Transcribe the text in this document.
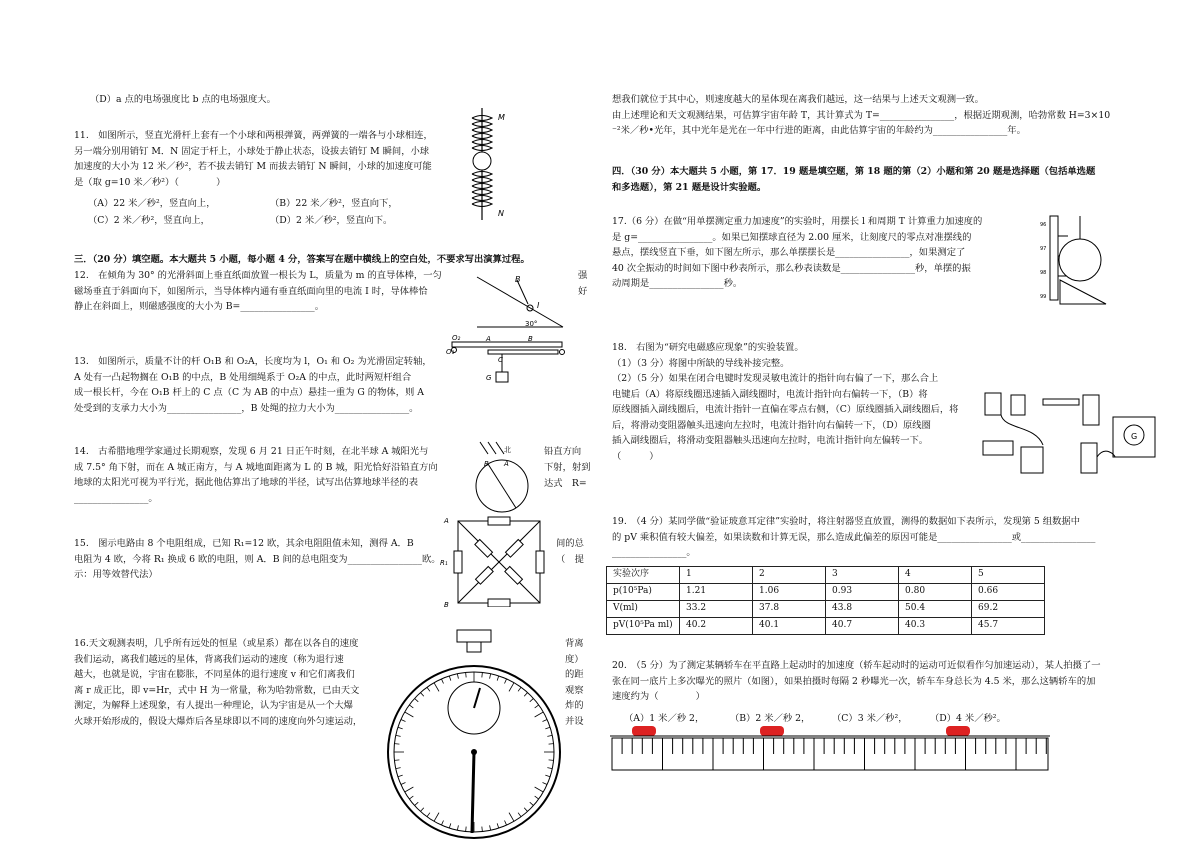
（D）a 点的电场强度比 b 点的电场强度大。
11.　如图所示，竖直光滑杆上套有一个小球和两根弹簧，两弹簧的一端各与小球相连，
另一端分别用销钉 M．N 固定于杆上，小球处于静止状态，设拔去销钉 M 瞬间，小球
加速度的大小为 12 米／秒²，若不拔去销钉 M 而拔去销钉 N 瞬间，小球的加速度可能
是（取 g=10 米／秒²）（　　　　）
（A）22 米／秒²，竖直向上，	（B）22 米／秒²，竖直向下，
（C）2 米／秒²，竖直向上，	（D）2 米／秒²，竖直向下。
M
N
三．（20 分）填空题。本大题共 5 小题，每小题 4 分，答案写在题中横线上的空白处，不要求写出演算过程。
12.　在倾角为 30° 的光滑斜面上垂直纸面放置一根长为 L，质量为 m 的直导体棒，一匀
磁场垂直于斜面向下，如图所示，当导体棒内通有垂直纸面向里的电流 I 时，导体棒恰
静止在斜面上，则磁感强度的大小为 B=________________。
强
好
B
I
30°
O₁
O₂	A
C
B
G
13.　如图所示，质量不计的杆 O₁B 和 O₂A，长度均为 l，O₁ 和 O₂ 为光滑固定转轴，
A 处有一凸起物搁在 O₁B 的中点，B 处用细绳系于 O₂A 的中点，此时两短杆组合
成一根长杆，今在 O₁B 杆上的 C 点（C 为 AB 的中点）悬挂一重为 G 的物体，则 A
处受到的支承力大小为________________，B 处绳的拉力大小为________________。
14.　古希腊地理学家通过长期观察，发现 6 月 21 日正午时刻，在北半球 A 城阳光与
成 7.5° 角下射，而在 A 城正南方，与 A 城地面距离为 L 的 B 城，阳光恰好沿铅直方向
地球的太阳光可视为平行光，据此他估算出了地球的半径，试写出估算地球半径的表
________________。
铅直方向
下射，射到
达式　R=
北
B A
15.　图示电路由 8 个电阻组成，已知 R₁=12 欧，其余电阻阻值未知，测得 A．B
电阻为 4 欧，今将 R₁ 换成 6 欧的电阻，则 A．B 间的总电阻变为________________欧。
示：用等效替代法）
间的总
（　提
A
R₁
B
16.天文观测表明，几乎所有远处的恒星（或星系）都在以各自的速度
我们运动，离我们越远的星体，背离我们运动的速度（称为退行速
越大，也就是说，宇宙在膨胀，不同星体的退行速度 v 和它们离我们
离 r 成正比，即 v=Hr，式中 H 为一常量，称为哈勃常数，已由天文
测定，为解释上述现象，有人提出一种理论，认为宇宙是从一个大爆
火球开始形成的，假设大爆炸后各星球即以不同的速度向外匀速运动，
背离
度）
的距
观察
炸的
并设
想我们就位于其中心，则速度越大的星体现在离我们越远，这一结果与上述天文观测一致。
由上述理论和天文观测结果，可估算宇宙年龄 T，其计算式为 T=________________，根据近期观测，哈勃常数 H=3×10
⁻²米／秒•光年，其中光年是光在一年中行进的距离，由此估算宇宙的年龄约为________________年。
四．（30 分）本大题共 5 小题，第 17．19 题是填空题，第 18 题的第（2）小题和第 20 题是选择题（包括单选题
和多选题），第 21 题是设计实验题。
17.（6 分）在做“用单摆测定重力加速度”的实验时，用摆长 l 和周期 T 计算重力加速度的
是 g=________________。如果已知摆球直径为 2.00 厘米，让刻度尺的零点对准摆线的
悬点，摆线竖直下垂，如下图左所示，那么单摆摆长是________________，如果测定了
40 次全振动的时间如下图中秒表所示，那么秒表读数是________________秒，单摆的振
动周期是________________秒。
96
97
98
99
18.　右图为“研究电磁感应现象”的实验装置。
（1）（3 分）将图中所缺的导线补接完整。
（2）（5 分）如果在闭合电键时发现灵敏电流计的指针向右偏了一下，那么合上
电键后（A）将原线圈迅速插入副线圈时，电流计指针向右偏转一下，（B）将
原线圈插入副线圈后，电流计指针一直偏在零点右侧，（C）原线圈插入副线圈后，将
后，将滑动变阻器触头迅速向左拉时，电流计指针向右偏转一下，（D）原线圈
插入副线圈后，将滑动变阻器触头迅速向左拉时，电流计指针向左偏转一下。
（　　　）
G
19.　（4 分）某同学做“验证玻意耳定律”实验时，将注射器竖直放置，测得的数据如下表所示，发现第 5 组数据中
的 pV 乘积值有较大偏差，如果读数和计算无误，那么造成此偏差的原因可能是________________或________________
________________。
实验次序	1	2	3	4	5
p(10⁵Pa)	1.21	1.06	0.93	0.80	0.66
V(ml)	33.2	37.8	43.8	50.4	69.2
pV(10⁵Pa ml)	40.2	40.1	40.7	40.3	45.7
20.　（5 分）为了测定某辆轿车在平直路上起动时的加速度（轿车起动时的运动可近似看作匀加速运动），某人拍摄了一
张在同一底片上多次曝光的照片（如图），如果拍摄时每隔 2 秒曝光一次，轿车车身总长为 4.5 米，那么这辆轿车的加
速度约为（　　　　）
（A）1 米／秒 2，	（B）2 米／秒 2， （C）3 米／秒²， （D）4 米／秒²。
